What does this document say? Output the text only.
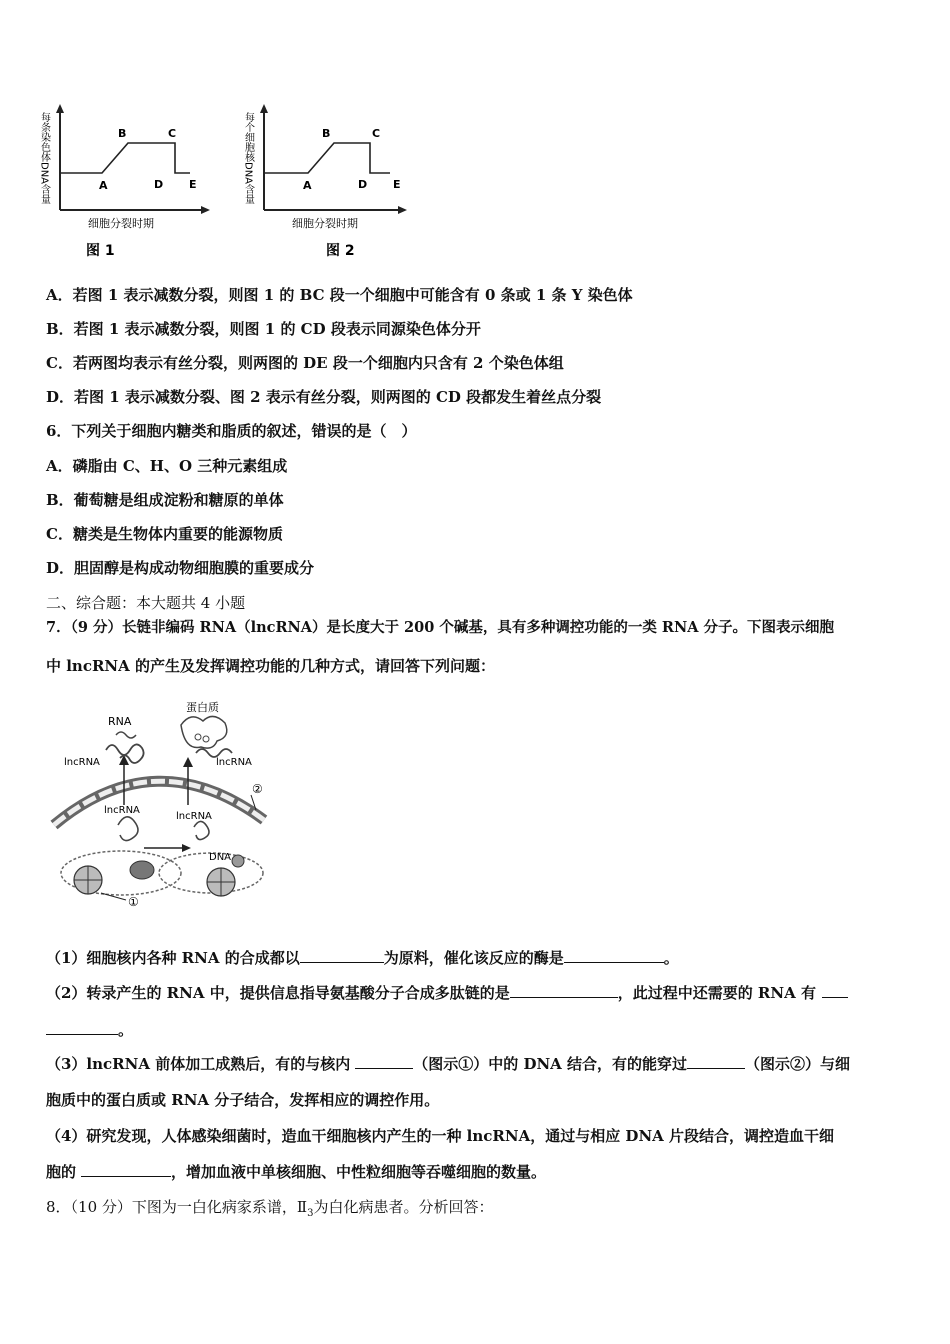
每条染色体DNA含量	A
B	C
D E
细胞分裂时期
图 1
每个细胞核DNA含量	A
B	C
D E
细胞分裂时期
图 2
A．若图 1 表示减数分裂，则图 1 的 BC 段一个细胞中可能含有 0 条或 1 条 Y 染色体
B．若图 1 表示减数分裂，则图 1 的 CD 段表示同源染色体分开
C．若两图均表示有丝分裂，则两图的 DE 段一个细胞内只含有 2 个染色体组
D．若图 1 表示减数分裂、图 2 表示有丝分裂，则两图的 CD 段都发生着丝点分裂
6．下列关于细胞内糖类和脂质的叙述，错误的是（　）
A．磷脂由 C、H、O 三种元素组成
B．葡萄糖是组成淀粉和糖原的单体
C．糖类是生物体内重要的能源物质
D．胆固醇是构成动物细胞膜的重要成分
二、综合题：本大题共 4 小题
7．（9 分）长链非编码 RNA（lncRNA）是长度大于 200 个碱基，具有多种调控功能的一类 RNA 分子。下图表示细胞
中 lncRNA 的产生及发挥调控功能的几种方式，请回答下列问题：
RNA
蛋白质
lncRNA	lncRNA
lncRNA
lncRNA
DNA
①
②
（1）细胞核内各种 RNA 的合成都以	为原料，催化该反应的酶是	。
（2）转录产生的 RNA 中，提供信息指导氨基酸分子合成多肽链的是	，此过程中还需要的 RNA 有
。
（3）lncRNA 前体加工成熟后，有的与核内	（图示①）中的 DNA 结合，有的能穿过	（图示②）与细
胞质中的蛋白质或 RNA 分子结合，发挥相应的调控作用。
（4）研究发现，人体感染细菌时，造血干细胞核内产生的一种 lncRNA，通过与相应 DNA 片段结合，调控造血干细
胞的	，增加血液中单核细胞、中性粒细胞等吞噬细胞的数量。
8．（10 分）下图为一白化病家系谱，$Ⅱ_3$为白化病患者。分析回答：
